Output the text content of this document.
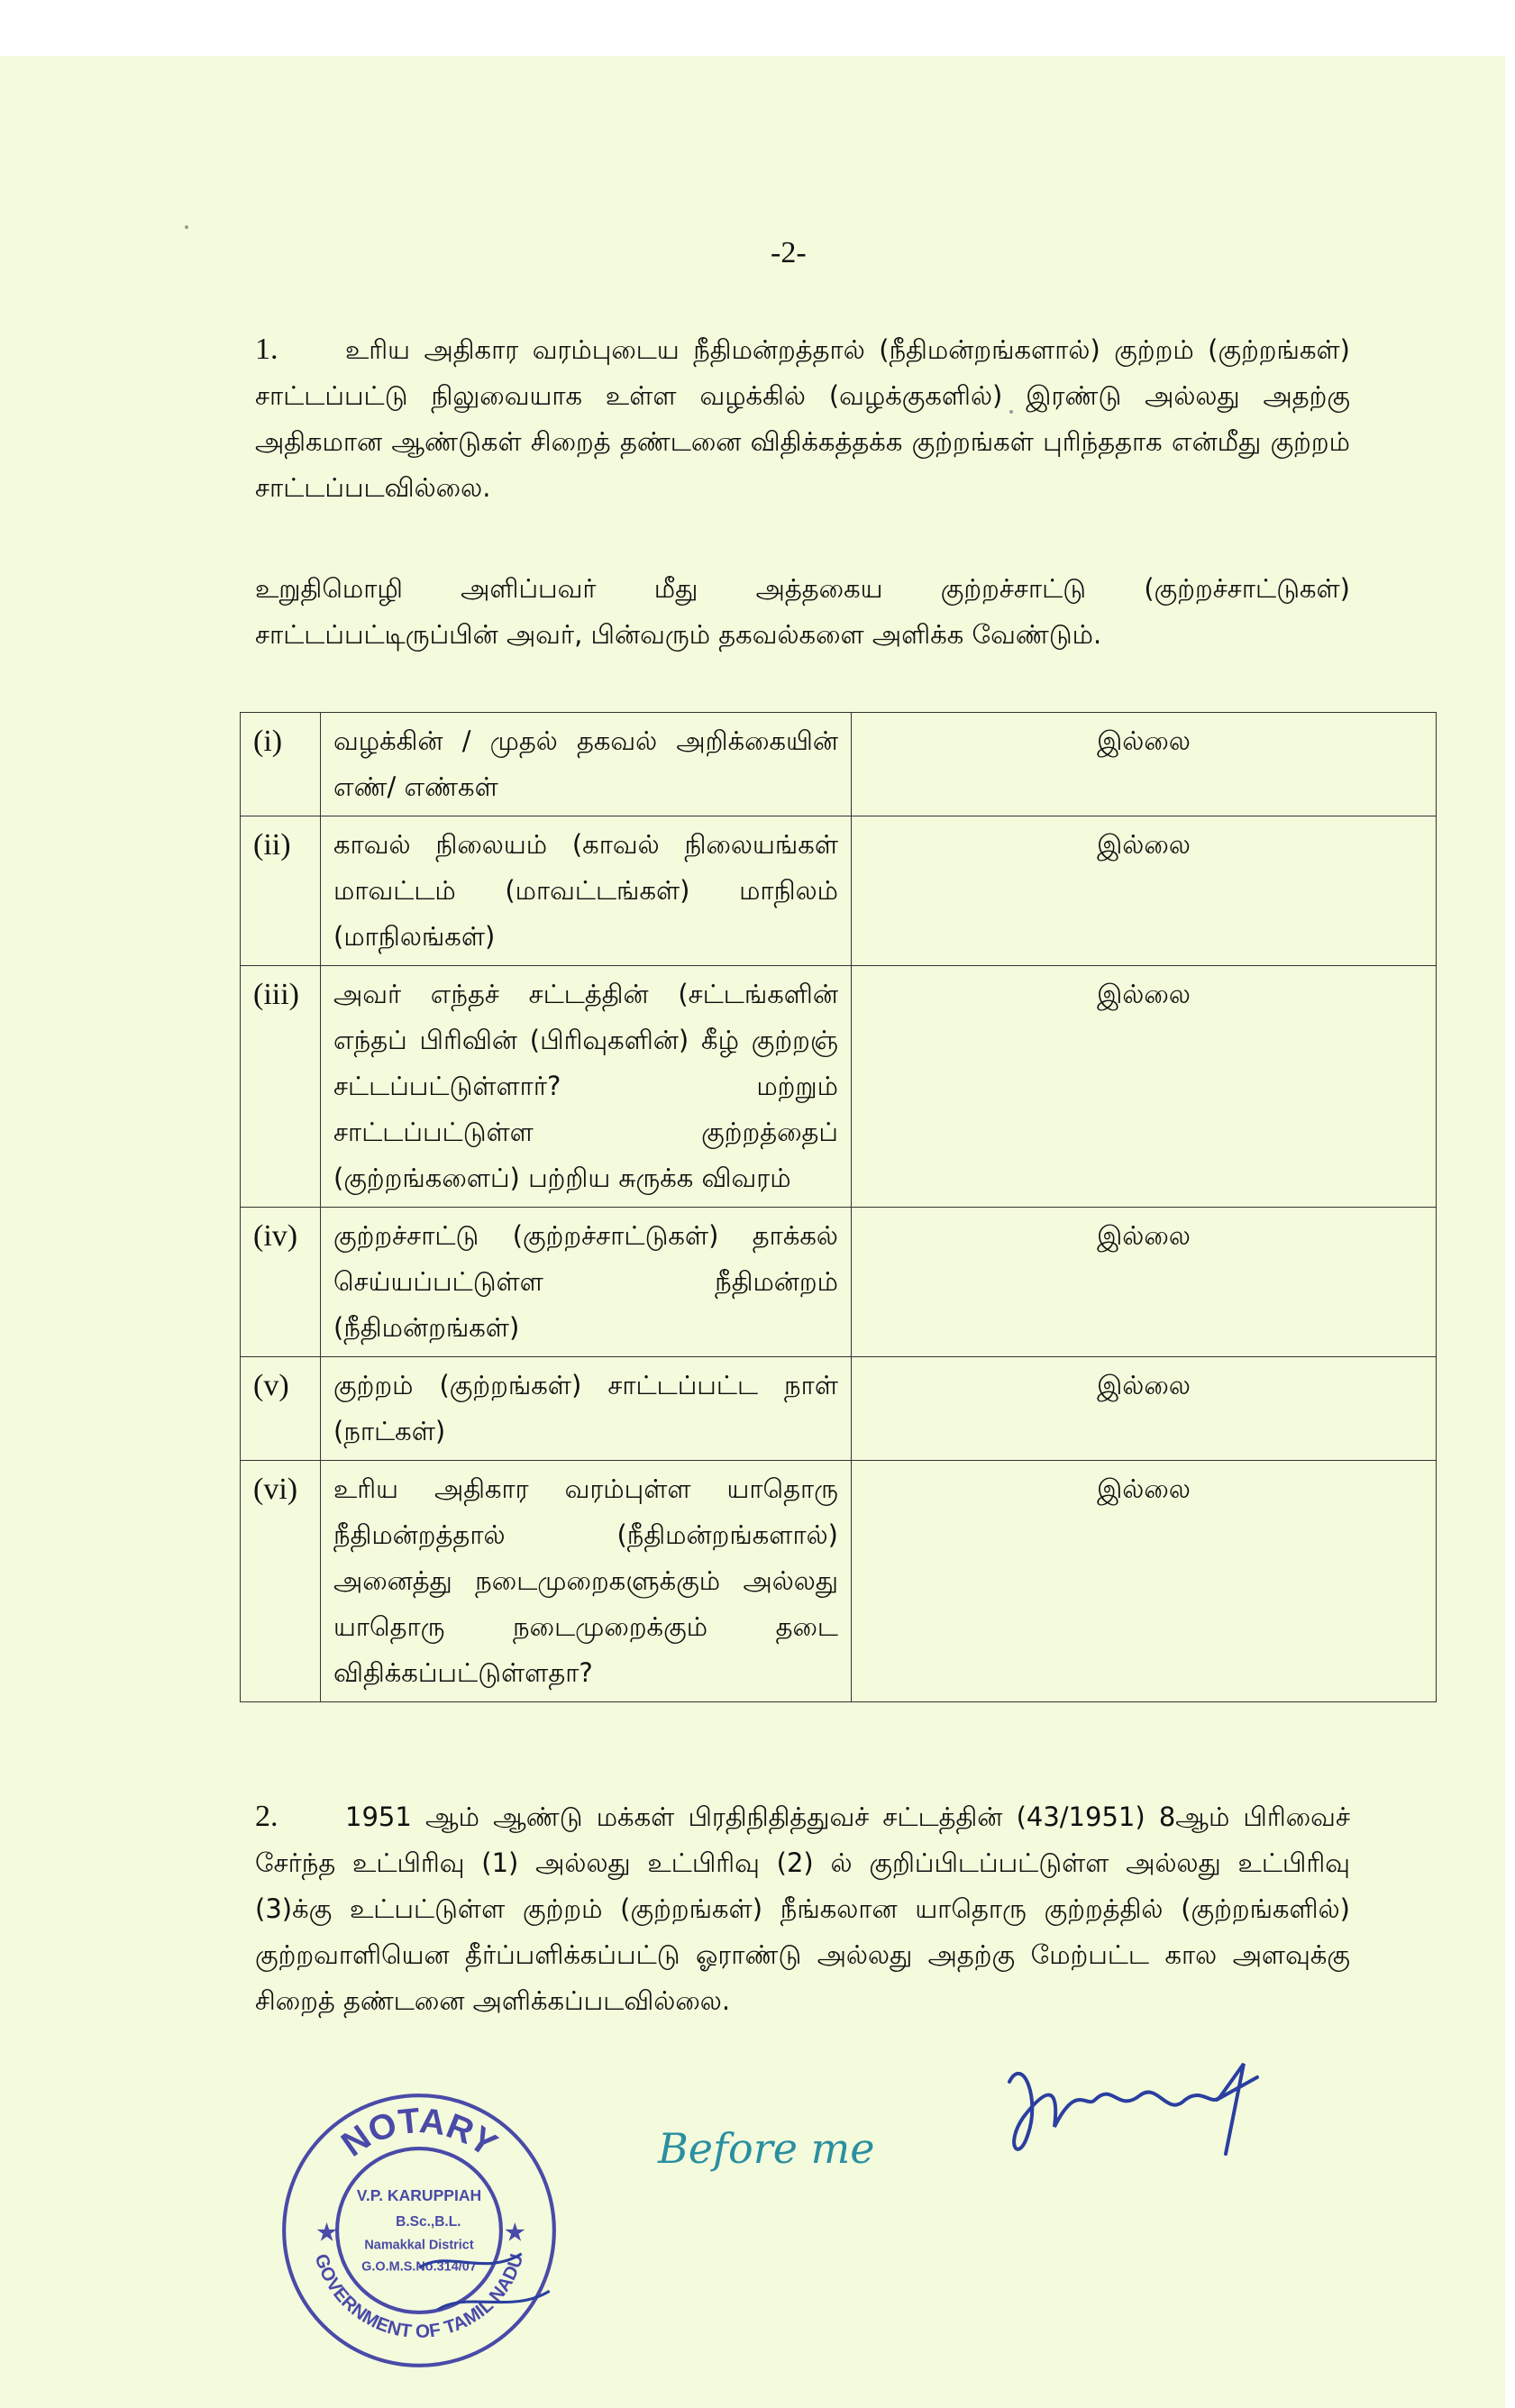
-2-
1.	உரிய அதிகார வரம்புடைய நீதிமன்றத்தால் (நீதிமன்றங்களால்) குற்றம் (குற்றங்கள்) சாட்டப்பட்டு நிலுவையாக உள்ள வழக்கில் (வழக்குகளில்) இரண்டு அல்லது அதற்கு அதிகமான ஆண்டுகள் சிறைத் தண்டனை விதிக்கத்தக்க குற்றங்கள் புரிந்ததாக என்மீது குற்றம் சாட்டப்படவில்லை.
உறுதிமொழி அளிப்பவர் மீது அத்தகைய குற்றச்சாட்டு (குற்றச்சாட்டுகள்) சாட்டப்பட்டிருப்பின் அவர், பின்வரும் தகவல்களை அளிக்க வேண்டும்.
(i)	வழக்கின் / முதல் தகவல் அறிக்கையின் எண்/ எண்கள்	இல்லை
(ii)	காவல் நிலையம் (காவல் நிலையங்கள் மாவட்டம் (மாவட்டங்கள்) மாநிலம் (மாநிலங்கள்)	இல்லை
(iii)	அவர் எந்தச் சட்டத்தின் (சட்டங்களின் எந்தப் பிரிவின் (பிரிவுகளின்) கீழ் குற்றஞ் சட்டப்பட்டுள்ளார்? மற்றும் சாட்டப்பட்டுள்ள குற்றத்தைப் (குற்றங்களைப்) பற்றிய சுருக்க விவரம்	இல்லை
(iv)	குற்றச்சாட்டு (குற்றச்சாட்டுகள்) தாக்கல் செய்யப்பட்டுள்ள நீதிமன்றம் (நீதிமன்றங்கள்)	இல்லை
(v)	குற்றம் (குற்றங்கள்) சாட்டப்பட்ட நாள் (நாட்கள்)	இல்லை
(vi)	உரிய அதிகார வரம்புள்ள யாதொரு நீதிமன்றத்தால் (நீதிமன்றங்களால்) அனைத்து நடைமுறைகளுக்கும் அல்லது யாதொரு நடைமுறைக்கும் தடை விதிக்கப்பட்டுள்ளதா?	இல்லை
2.	1951 ஆம் ஆண்டு மக்கள் பிரதிநிதித்துவச் சட்டத்தின் (43/1951) 8ஆம் பிரிவைச் சேர்ந்த உட்பிரிவு (1) அல்லது உட்பிரிவு (2) ல் குறிப்பிடப்பட்டுள்ள அல்லது உட்பிரிவு (3)க்கு உட்பட்டுள்ள குற்றம் (குற்றங்கள்) நீங்கலான யாதொரு குற்றத்தில் (குற்றங்களில்) குற்றவாளியென தீர்ப்பளிக்கப்பட்டு ஓராண்டு அல்லது அதற்கு மேற்பட்ட கால அளவுக்கு சிறைத் தண்டனை அளிக்கப்படவில்லை.
NOTARY
GOVERNMENT OF TAMIL NADU
V.P. KARUPPIAH
B.Sc.,B.L.
Namakkal District
G.O.M.S.No.314/07
★	★
Before me
